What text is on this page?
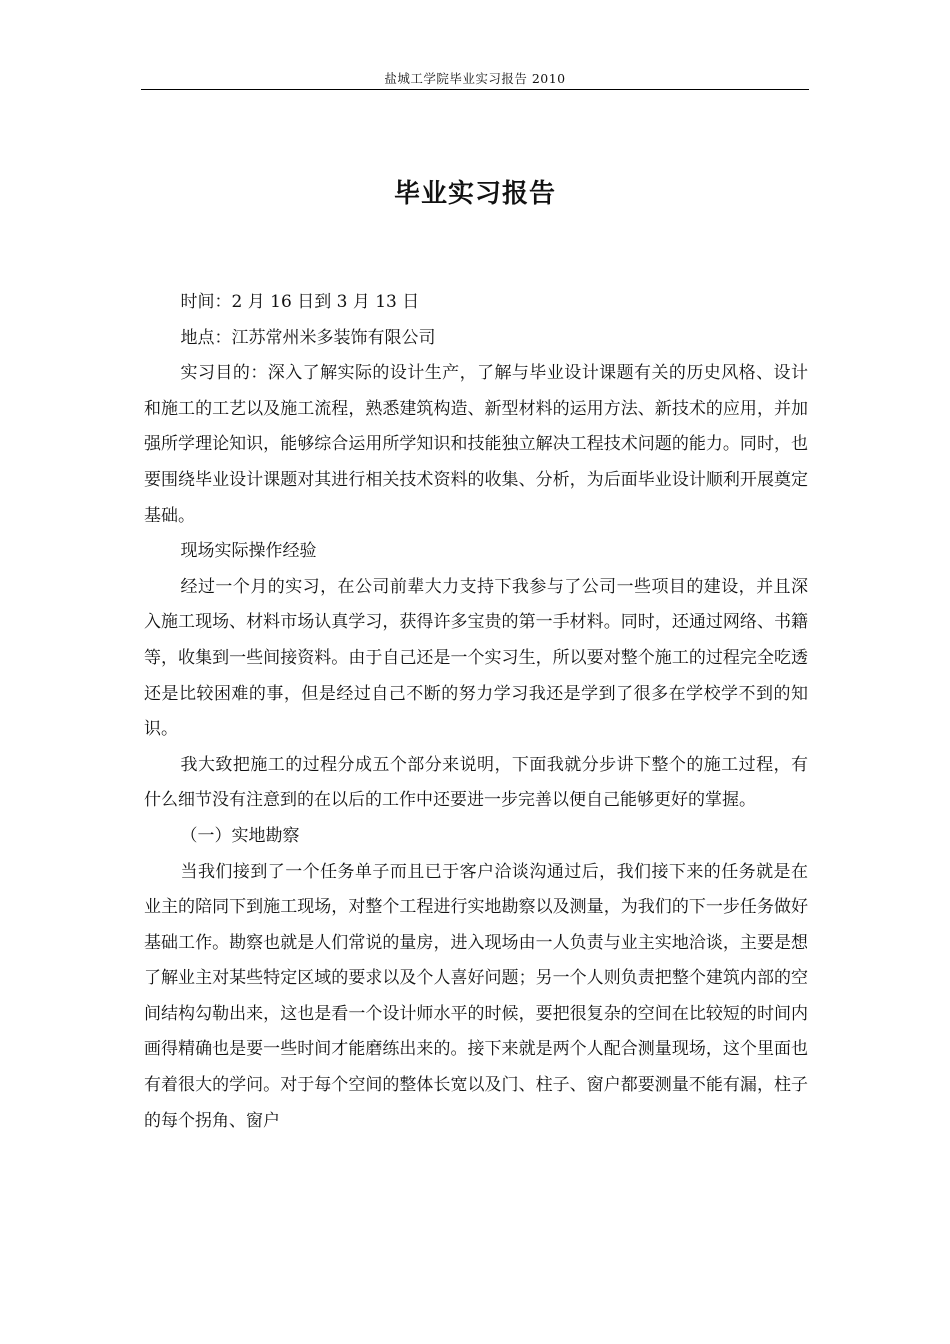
盐城工学院毕业实习报告 2010
毕业实习报告

时间：2 月 16 日到 3 月 13 日

地点：江苏常州米多装饰有限公司

实习目的：深入了解实际的设计生产，了解与毕业设计课题有关的历史风格、设计和施工的工艺以及施工流程，熟悉建筑构造、新型材料的运用方法、新技术的应用，并加强所学理论知识，能够综合运用所学知识和技能独立解决工程技术问题的能力。同时，也要围绕毕业设计课题对其进行相关技术资料的收集、分析，为后面毕业设计顺利开展奠定基础。

现场实际操作经验

经过一个月的实习，在公司前辈大力支持下我参与了公司一些项目的建设，并且深入施工现场、材料市场认真学习，获得许多宝贵的第一手材料。同时，还通过网络、书籍等，收集到一些间接资料。由于自己还是一个实习生，所以要对整个施工的过程完全吃透还是比较困难的事，但是经过自己不断的努力学习我还是学到了很多在学校学不到的知识。

我大致把施工的过程分成五个部分来说明，下面我就分步讲下整个的施工过程，有什么细节没有注意到的在以后的工作中还要进一步完善以便自己能够更好的掌握。

（一）实地勘察

当我们接到了一个任务单子而且已于客户洽谈沟通过后，我们接下来的任务就是在业主的陪同下到施工现场，对整个工程进行实地勘察以及测量，为我们的下一步任务做好基础工作。勘察也就是人们常说的量房，进入现场由一人负责与业主实地洽谈，主要是想了解业主对某些特定区域的要求以及个人喜好问题；另一个人则负责把整个建筑内部的空间结构勾勒出来，这也是看一个设计师水平的时候，要把很复杂的空间在比较短的时间内画得精确也是要一些时间才能磨练出来的。接下来就是两个人配合测量现场，这个里面也有着很大的学问。对于每个空间的整体长宽以及门、柱子、窗户都要测量不能有漏，柱子的每个拐角、窗户
